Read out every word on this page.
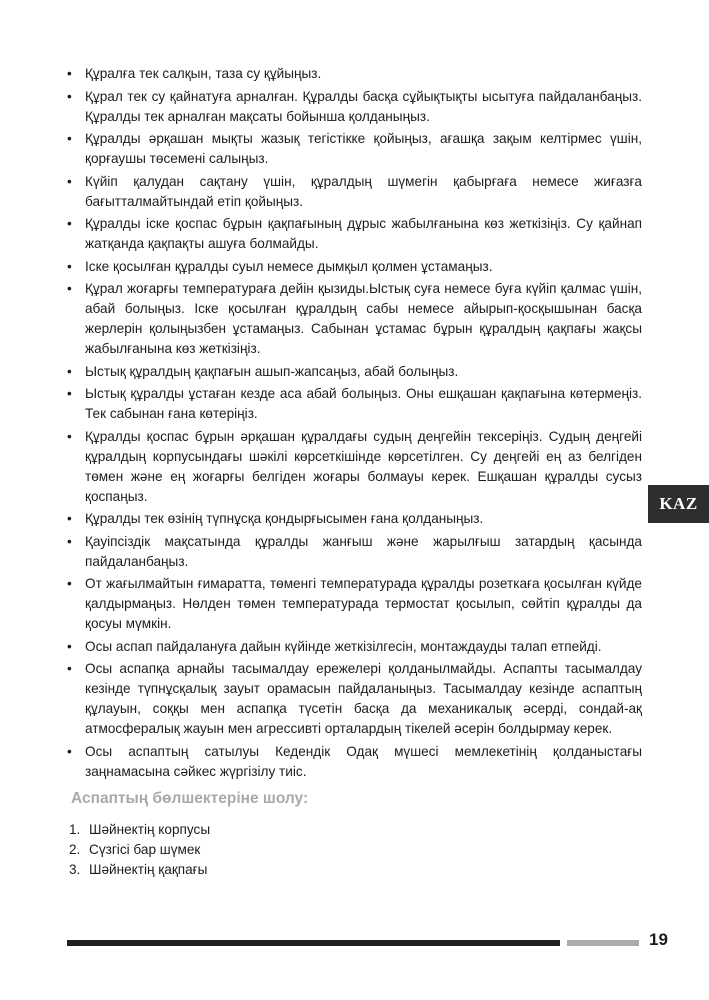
• Құралға тек салқын, таза су құйыңыз.
• Құрал тек су қайнатуға арналған. Құралды басқа сұйықтықты ысытуға пайдаланбаңыз. Құралды тек арналған мақсаты бойынша қолданыңыз.
• Құралды әрқашан мықты жазық тегістікке қойыңыз, ағашқа зақым келтірмес үшін, қорғаушы төсемені салыңыз.
• Күйіп қалудан сақтану үшін, құралдың шүмегін қабырғаға немесе жиғазға бағытталмайтындай етіп қойыңыз.
• Құралды іске қоспас бұрын қақпағының дұрыс жабылғанына көз жеткізіңіз. Су қайнап жатқанда қақпақты ашуға болмайды.
• Іске қосылған құралды суыл немесе дымқыл қолмен ұстамаңыз.
• Құрал жоғарғы температураға дейін қызиды.Ыстық суға немесе буға күйіп қалмас үшін, абай болыңыз. Іске қосылған құралдың сабы немесе айырып-қосқышынан басқа жерлерін қолыңызбен ұстамаңыз. Сабынан ұстамас бұрын құралдың қақпағы жақсы жабылғанына көз жеткізіңіз.
• Ыстық құралдың қақпағын ашып-жапсаңыз, абай болыңыз.
• Ыстық құралды ұстаған кезде аса абай болыңыз. Оны ешқашан қақпағына көтермеңіз. Тек сабынан ғана көтеріңіз.
• Құралды қоспас бұрын әрқашан құралдағы судың деңгейін тексеріңіз. Судың деңгейі құралдың корпусындағы шәкілі көрсеткішінде көрсетілген. Су деңгейі ең аз белгіден төмен және ең жоғарғы белгіден жоғары болмауы керек. Ешқашан құралды сусыз қоспаңыз.
• Құралды тек өзінің түпнұсқа қондырғысымен ғана қолданыңыз.
• Қауіпсіздік мақсатында құралды жанғыш және жарылғыш затардың қасында пайдаланбаңыз.
• От жағылмайтын ғимаратта, төменгі температурада құралды розеткаға қосылған күйде қалдырмаңыз. Нөлден төмен температурада термостат қосылып, сөйтіп құралды да қосуы мүмкін.
• Осы аспап пайдалануға дайын күйінде жеткізілгесін, монтаждауды талап етпейді.
• Осы аспапқа арнайы тасымалдау ережелері қолданылмайды. Аспапты тасымалдау кезінде түпнұсқалық зауыт орамасын пайдаланыңыз. Тасымалдау кезінде аспаптың құлауын, соққы мен аспапқа түсетін басқа да механикалық әсерді, сондай-ақ атмосфералық жауын мен агрессивті орталардың тікелей әсерін болдырмау керек.
• Осы аспаптың сатылуы Кедендік Одақ мүшесі мемлекетінің қолданыстағы заңнамасына сәйкес жүргізілу тиіс.
Аспаптың бөлшектеріне шолу:
1. Шәйнектің корпусы
2. Сүзгісі бар шүмек
3. Шәйнектің қақпағы
KAZ
19
